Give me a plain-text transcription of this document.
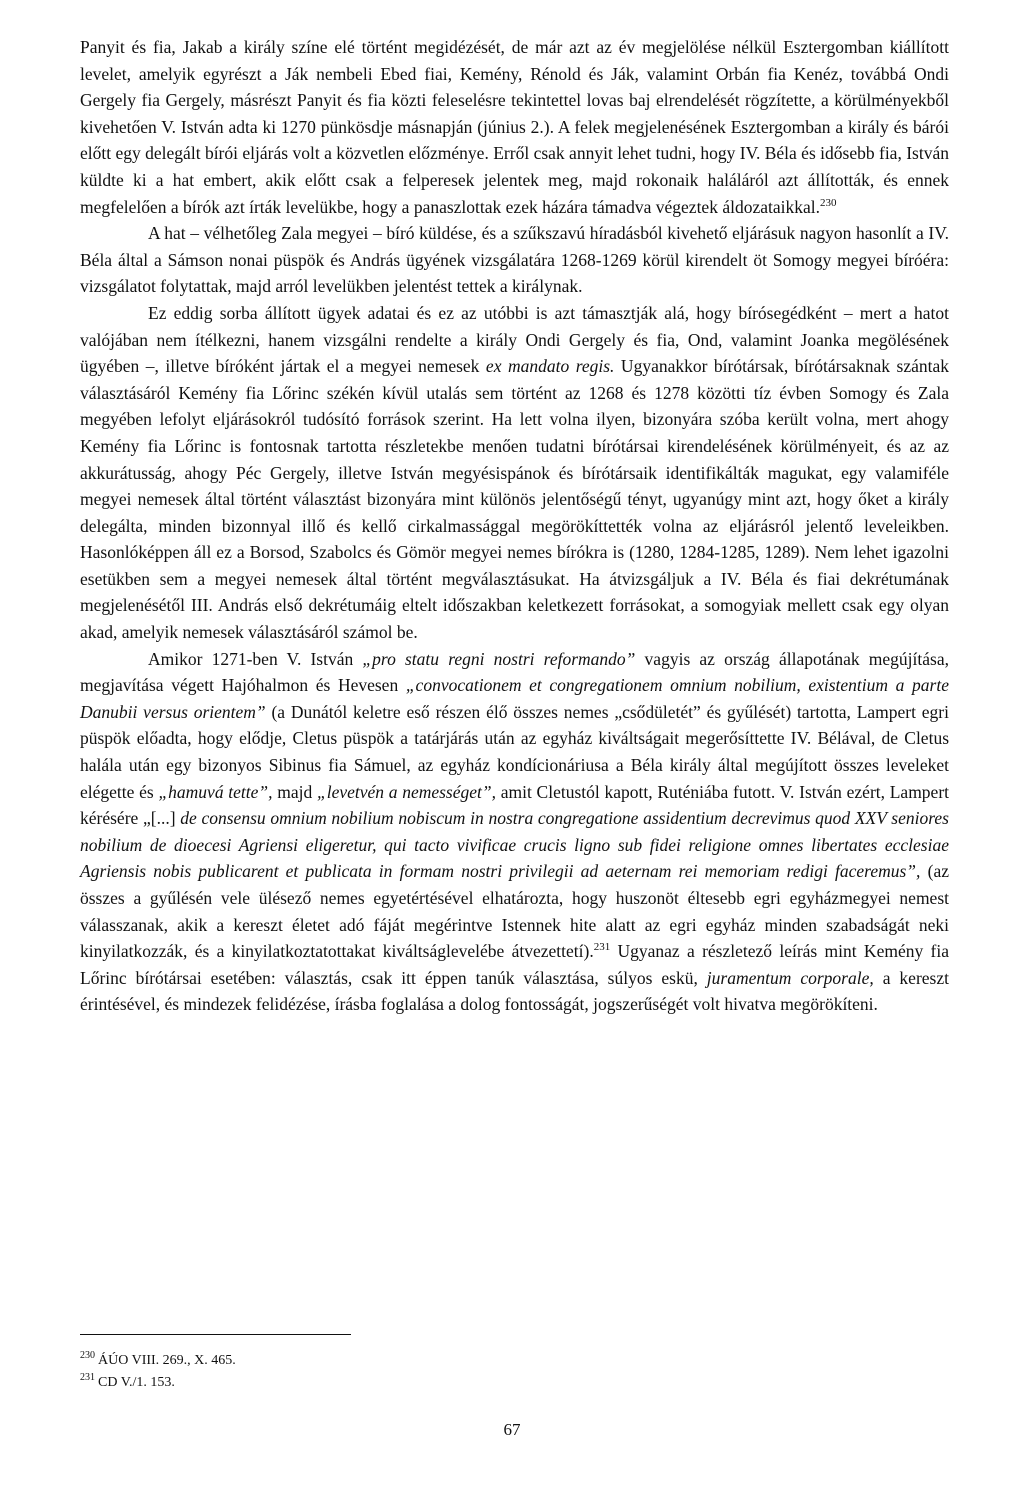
Panyit és fia, Jakab a király színe elé történt megidézését, de már azt az év megjelölése nélkül Esztergomban kiállított levelet, amelyik egyrészt a Ják nembeli Ebed fiai, Kemény, Rénold és Ják, valamint Orbán fia Kenéz, továbbá Ondi Gergely fia Gergely, másrészt Panyit és fia közti feleselésre tekintettel lovas baj elrendelését rögzítette, a körülményekből kivehetően V. István adta ki 1270 pünkösdje másnapján (június 2.). A felek megjelenésének Esztergomban a király és bárói előtt egy delegált bírói eljárás volt a közvetlen előzménye. Erről csak annyit lehet tudni, hogy IV. Béla és idősebb fia, István küldte ki a hat embert, akik előtt csak a felperesek jelentek meg, majd rokonaik haláláról azt állították, és ennek megfelelően a bírók azt írták levelükbe, hogy a panaszlottak ezek házára támadva végeztek áldozataikkal.$^{230}$

A hat – vélhetőleg Zala megyei – bíró küldése, és a szűkszavú híradásból kivehető eljárásuk nagyon hasonlít a IV. Béla által a Sámson nonai püspök és András ügyének vizsgálatára 1268-1269 körül kirendelt öt Somogy megyei bíróéra: vizsgálatot folytattak, majd arról levelükben jelentést tettek a királynak.

Ez eddig sorba állított ügyek adatai és ez az utóbbi is azt támasztják alá, hogy bírósegédként – mert a hatot valójában nem ítélkezni, hanem vizsgálni rendelte a király Ondi Gergely és fia, Ond, valamint Joanka megölésének ügyében –, illetve bíróként jártak el a megyei nemesek ex mandato regis. Ugyanakkor bírótársak, bírótársaknak szántak választásáról Kemény fia Lőrinc székén kívül utalás sem történt az 1268 és 1278 közötti tíz évben Somogy és Zala megyében lefolyt eljárásokról tudósító források szerint. Ha lett volna ilyen, bizonyára szóba került volna, mert ahogy Kemény fia Lőrinc is fontosnak tartotta részletekbe menően tudatni bírótársai kirendelésének körülményeit, és az az akkurátusság, ahogy Péc Gergely, illetve István megyésispánok és bírótársaik identifikálták magukat, egy valamiféle megyei nemesek által történt választást bizonyára mint különös jelentőségű tényt, ugyanúgy mint azt, hogy őket a király delegálta, minden bizonnyal illő és kellő cirkalmassággal megörökíttették volna az eljárásról jelentő leveleikben. Hasonlóképpen áll ez a Borsod, Szabolcs és Gömör megyei nemes bírókra is (1280, 1284-1285, 1289). Nem lehet igazolni esetükben sem a megyei nemesek által történt megválasztásukat. Ha átvizsgáljuk a IV. Béla és fiai dekrétumának megjelenésétől III. András első dekrétumáig eltelt időszakban keletkezett forrásokat, a somogyiak mellett csak egy olyan akad, amelyik nemesek választásáról számol be.

Amikor 1271-ben V. István „pro statu regni nostri reformando” vagyis az ország állapotának megújítása, megjavítása végett Hajóhalmon és Hevesen „convocationem et congregationem omnium nobilium, existentium a parte Danubii versus orientem” (a Dunától keletre eső részen élő összes nemes „csődületét” és gyűlését) tartotta, Lampert egri püspök előadta, hogy elődje, Cletus püspök a tatárjárás után az egyház kiváltságait megerősíttette IV. Bélával, de Cletus halála után egy bizonyos Sibinus fia Sámuel, az egyház kondícionáriusa a Béla király által megújított összes leveleket elégette és „hamuvá tette”, majd „levetvén a nemességet”, amit Cletustól kapott, Ruténiába futott. V. István ezért, Lampert kérésére „[...] de consensu omnium nobilium nobiscum in nostra congregatione assidentium decrevimus quod XXV seniores nobilium de dioecesi Agriensi eligeretur, qui tacto vivificae crucis ligno sub fidei religione omnes libertates ecclesiae Agriensis nobis publicarent et publicata in formam nostri privilegii ad aeternam rei memoriam redigi faceremus”, (az összes a gyűlésén vele ülésező nemes egyetértésével elhatározta, hogy huszonöt éltesebb egri egyházmegyei nemest válasszanak, akik a kereszt életet adó fáját megérintve Istennek hite alatt az egri egyház minden szabadságát neki kinyilatkozzák, és a kinyilatkoztatottakat kiváltságlevelébe átvezettetí).$^{231}$ Ugyanaz a részletező leírás mint Kemény fia Lőrinc bírótársai esetében: választás, csak itt éppen tanúk választása, súlyos eskü, juramentum corporale, a kereszt érintésével, és mindezek felidézése, írásba foglalása a dolog fontosságát, jogszerűségét volt hivatva megörökíteni.

$^{230}$ ÁÚO VIII. 269., X. 465.
$^{231}$ CD V./1. 153.
67
